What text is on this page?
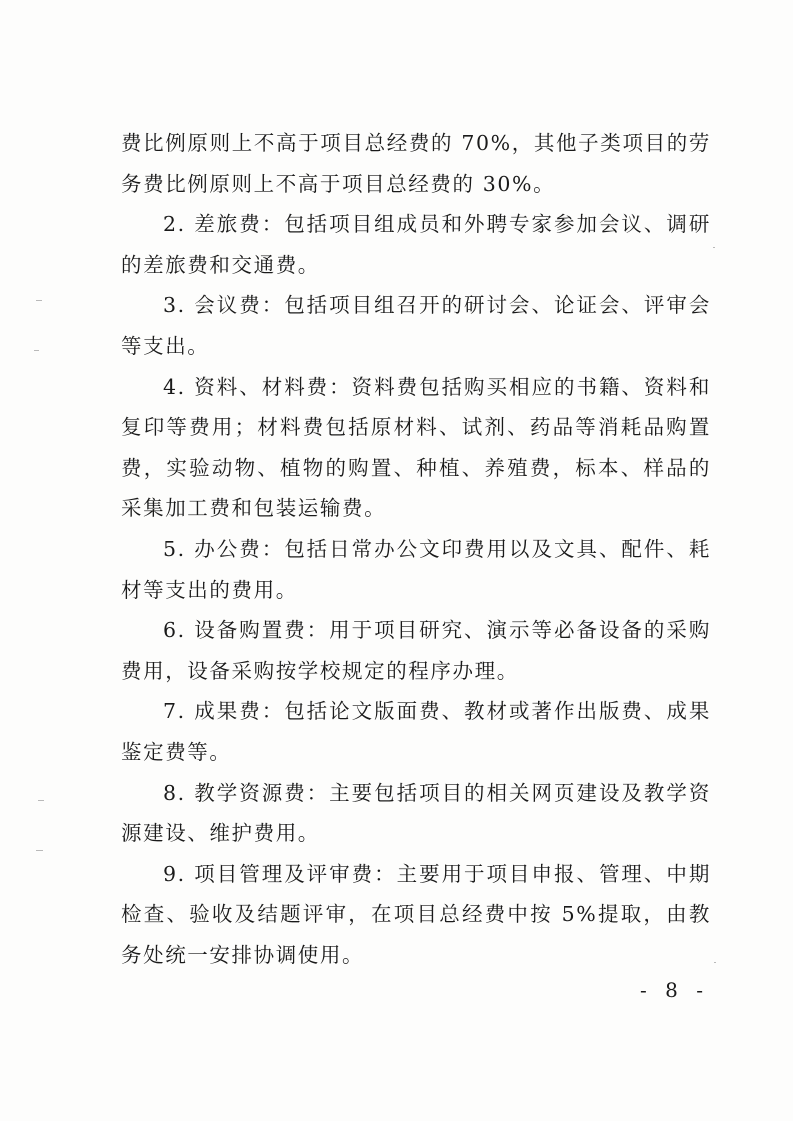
费比例原则上不高于项目总经费的 70%，其他子类项目的劳务费比例原则上不高于项目总经费的 30%。

2. 差旅费：包括项目组成员和外聘专家参加会议、调研的差旅费和交通费。

3. 会议费：包括项目组召开的研讨会、论证会、评审会等支出。

4. 资料、材料费：资料费包括购买相应的书籍、资料和复印等费用；材料费包括原材料、试剂、药品等消耗品购置费，实验动物、植物的购置、种植、养殖费，标本、样品的采集加工费和包装运输费。

5. 办公费：包括日常办公文印费用以及文具、配件、耗材等支出的费用。

6. 设备购置费：用于项目研究、演示等必备设备的采购费用，设备采购按学校规定的程序办理。

7. 成果费：包括论文版面费、教材或著作出版费、成果鉴定费等。

8. 教学资源费：主要包括项目的相关网页建设及教学资源建设、维护费用。

9. 项目管理及评审费：主要用于项目申报、管理、中期检查、验收及结题评审，在项目总经费中按 5%提取，由教务处统一安排协调使用。

- 8 -
